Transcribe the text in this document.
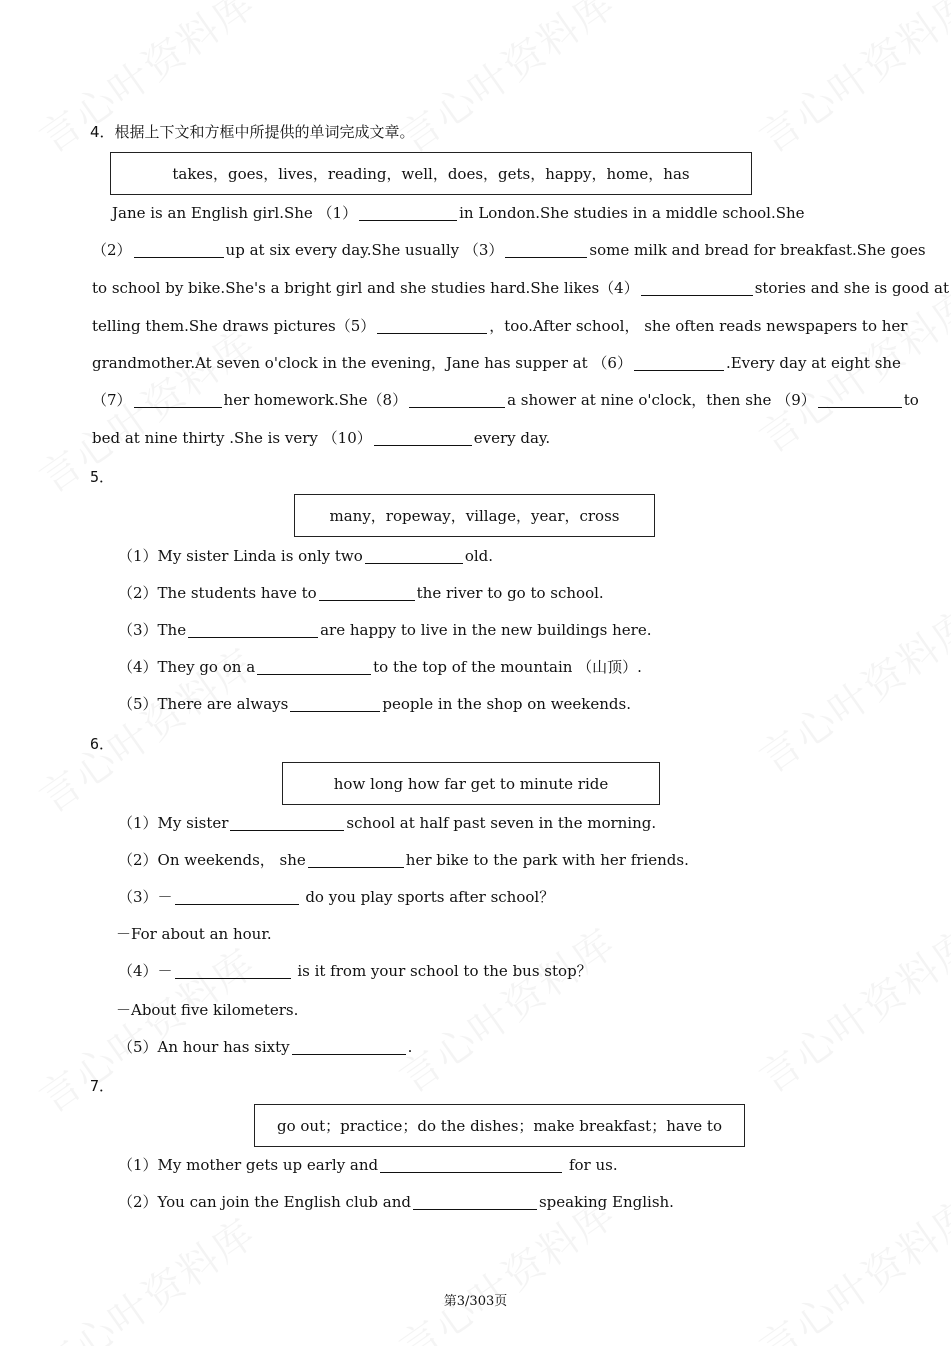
4．根据上下文和方框中所提供的单词完成文章。
takes，goes，lives，reading，well，does，gets，happy，home，has
Jane is an English girl.She （1）	in London.She studies in a middle school.She
（2）	up at six every day.She usually （3）	some milk and bread for breakfast.She goes
to school by bike.She's a bright girl and she studies hard.She likes（4）	stories and she is good at
telling them.She draws pictures（5）	，too.After school， she often reads newspapers to her
grandmother.At seven o'clock in the evening，Jane has supper at （6）	.Every day at eight she
（7）	her homework.She（8）	a shower at nine o'clock，then she （9）	to
bed at nine thirty .She is very （10）	every day.
5．
many，ropeway，village，year，cross
（1）My sister Linda is only two	old.
（2）The students have to	the river to go to school.
（3）The	are happy to live in the new buildings here.
（4）They go on a	to the top of the mountain （山顶）.
（5）There are always	people in the shop on weekends.
6．
how long how far get to minute ride
（1）My sister	school at half past seven in the morning.
（2）On weekends， she	her bike to the park with her friends.
（3）－	do you play sports after school？
－For about an hour.
（4）－	is it from your school to the bus stop？
－About five kilometers.
（5）An hour has sixty	.
7．
go out；practice；do the dishes；make breakfast；have to
（1）My mother gets up early and	for us.
（2）You can join the English club and	speaking English.
第3/303页
